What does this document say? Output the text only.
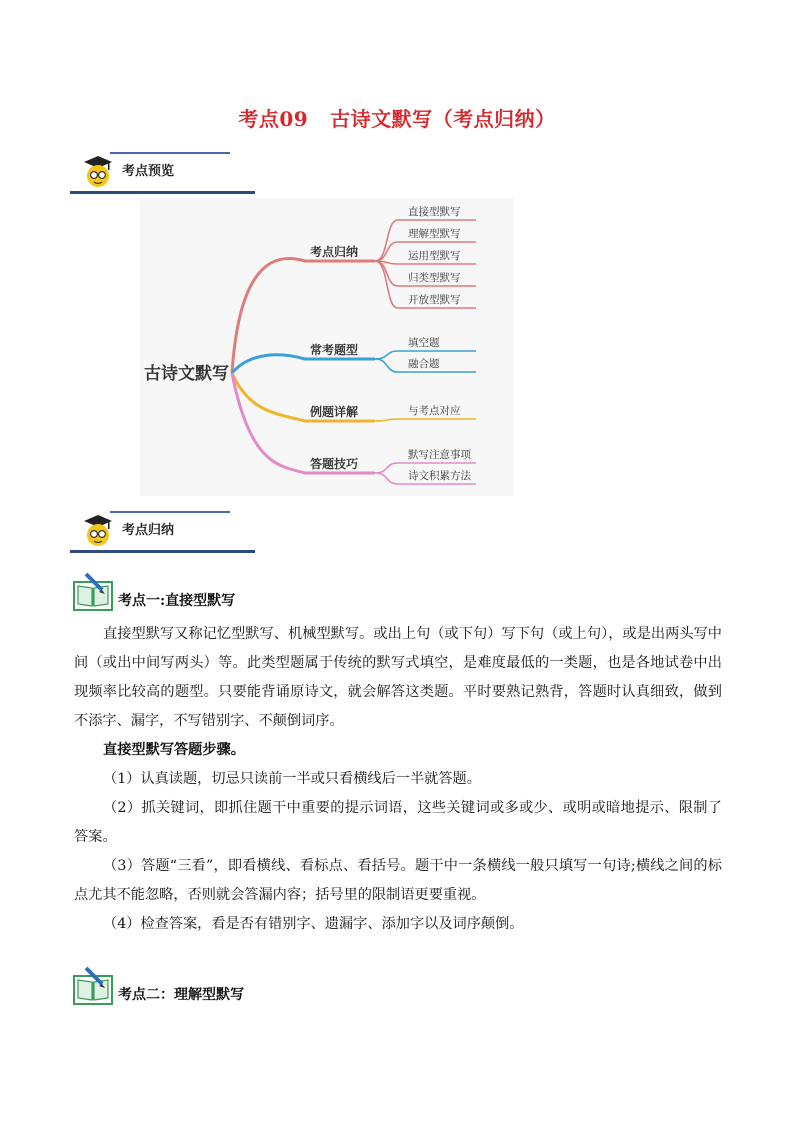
考点09 古诗文默写（考点归纳）
考点预览
古诗文默写
考点归纳
直接型默写
理解型默写
运用型默写
归类型默写
开放型默写
常考题型	填空题
融合题
例题详解	与考点对应
答题技巧
默写注意事项
诗文积累方法
考点归纳
考点一:直接型默写

直接型默写又称记忆型默写、机械型默写。或出上句（或下句）写下句（或上句），或是出两头写中间（或出中间写两头）等。此类型题属于传统的默写式填空，是难度最低的一类题，也是各地试卷中出现频率比较高的题型。只要能背诵原诗文，就会解答这类题。平时要熟记熟背，答题时认真细致，做到不添字、漏字，不写错别字、不颠倒词序。

直接型默写答题步骤。

（1）认真读题，切忌只读前一半或只看横线后一半就答题。

（2）抓关键词，即抓住题干中重要的提示词语，这些关键词或多或少、或明或暗地提示、限制了答案。

（3）答题“三看”，即看横线、看标点、看括号。题干中一条横线一般只填写一句诗;横线之间的标点尤其不能忽略，否则就会答漏内容；括号里的限制语更要重视。

（4）检查答案，看是否有错别字、遗漏字、添加字以及词序颠倒。

考点二：理解型默写
